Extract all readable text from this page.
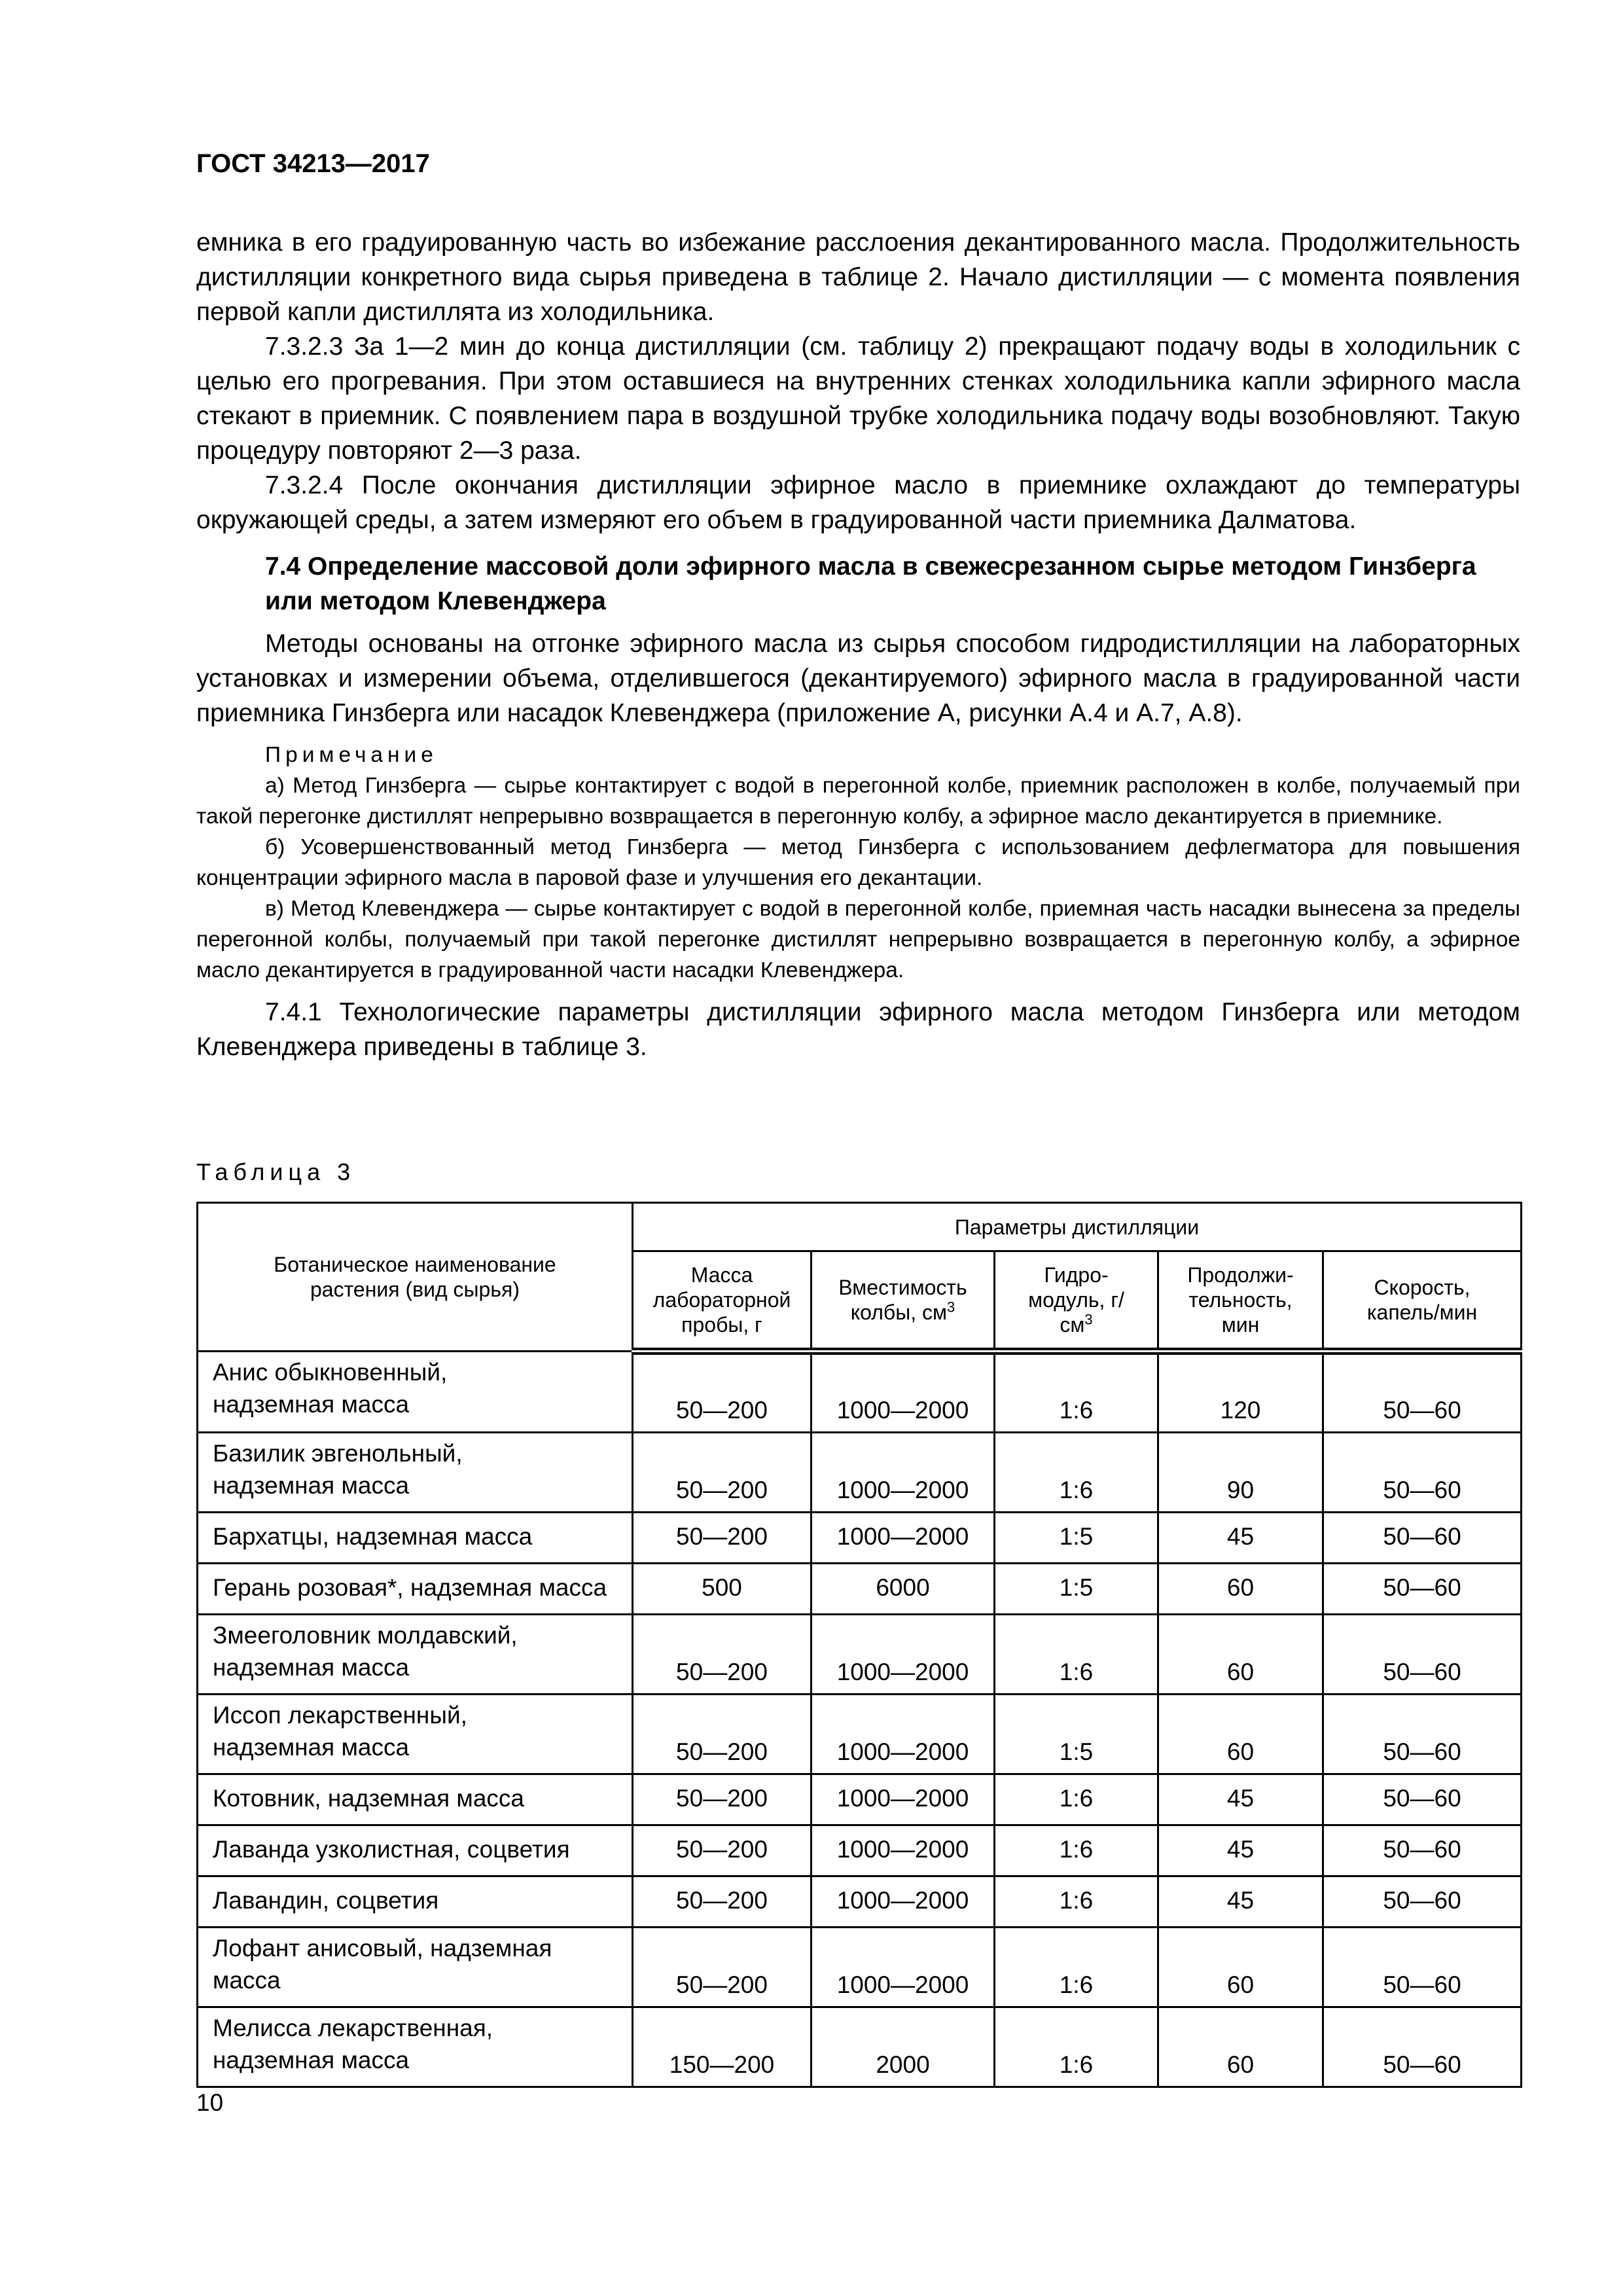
ГОСТ 34213—2017

емника в его градуированную часть во избежание расслоения декантированного масла. Продолжительность дистилляции конкретного вида сырья приведена в таблице 2. Начало дистилляции — с момента появления первой капли дистиллята из холодильника.

7.3.2.3 За 1—2 мин до конца дистилляции (см. таблицу 2) прекращают подачу воды в холодильник с целью его прогревания. При этом оставшиеся на внутренних стенках холодильника капли эфирного масла стекают в приемник. С появлением пара в воздушной трубке холодильника подачу воды возобновляют. Такую процедуру повторяют 2—3 раза.

7.3.2.4 После окончания дистилляции эфирное масло в приемнике охлаждают до температуры окружающей среды, а затем измеряют его объем в градуированной части приемника Далматова.

7.4 Определение массовой доли эфирного масла в свежесрезанном сырье методом Гинзберга или методом Клевенджера

Методы основаны на отгонке эфирного масла из сырья способом гидродистилляции на лабораторных установках и измерении объема, отделившегося (декантируемого) эфирного масла в градуированной части приемника Гинзберга или насадок Клевенджера (приложение А, рисунки А.4 и А.7, А.8).

Примечание

а) Метод Гинзберга — сырье контактирует с водой в перегонной колбе, приемник расположен в колбе, получаемый при такой перегонке дистиллят непрерывно возвращается в перегонную колбу, а эфирное масло декантируется в приемнике.

б) Усовершенствованный метод Гинзберга — метод Гинзберга с использованием дефлегматора для повышения концентрации эфирного масла в паровой фазе и улучшения его декантации.

в) Метод Клевенджера — сырье контактирует с водой в перегонной колбе, приемная часть насадки вынесена за пределы перегонной колбы, получаемый при такой перегонке дистиллят непрерывно возвращается в перегонную колбу, а эфирное масло декантируется в градуированной части насадки Клевенджера.

7.4.1 Технологические параметры дистилляции эфирного масла методом Гинзберга или методом Клевенджера приведены в таблице 3.

Таблица 3
Ботаническое наименование растения (вид сырья)	Параметры дистилляции				
	Масса лабораторной пробы, г	Вместимость колбы, $см^3$	Гидро-модуль, $г/см^3$	Продолжи-тельность, мин	Скорость, капель/мин
Анис обыкновенный, надземная масса	50—200	1000—2000	1:6	120	50—60
Базилик эвгенольный, надземная масса	50—200	1000—2000	1:6	90	50—60
Бархатцы, надземная масса	50—200	1000—2000	1:5	45	50—60
Герань розовая*, надземная масса	500	6000	1:5	60	50—60
Змееголовник молдавский, надземная масса	50—200	1000—2000	1:6	60	50—60
Иссоп лекарственный, надземная масса	50—200	1000—2000	1:5	60	50—60
Котовник, надземная масса	50—200	1000—2000	1:6	45	50—60
Лаванда узколистная, соцветия	50—200	1000—2000	1:6	45	50—60
Лавандин, соцветия	50—200	1000—2000	1:6	45	50—60
Лофант анисовый, надземная масса	50—200	1000—2000	1:6	60	50—60
Мелисса лекарственная, надземная масса	150—200	2000	1:6	60	50—60
10
